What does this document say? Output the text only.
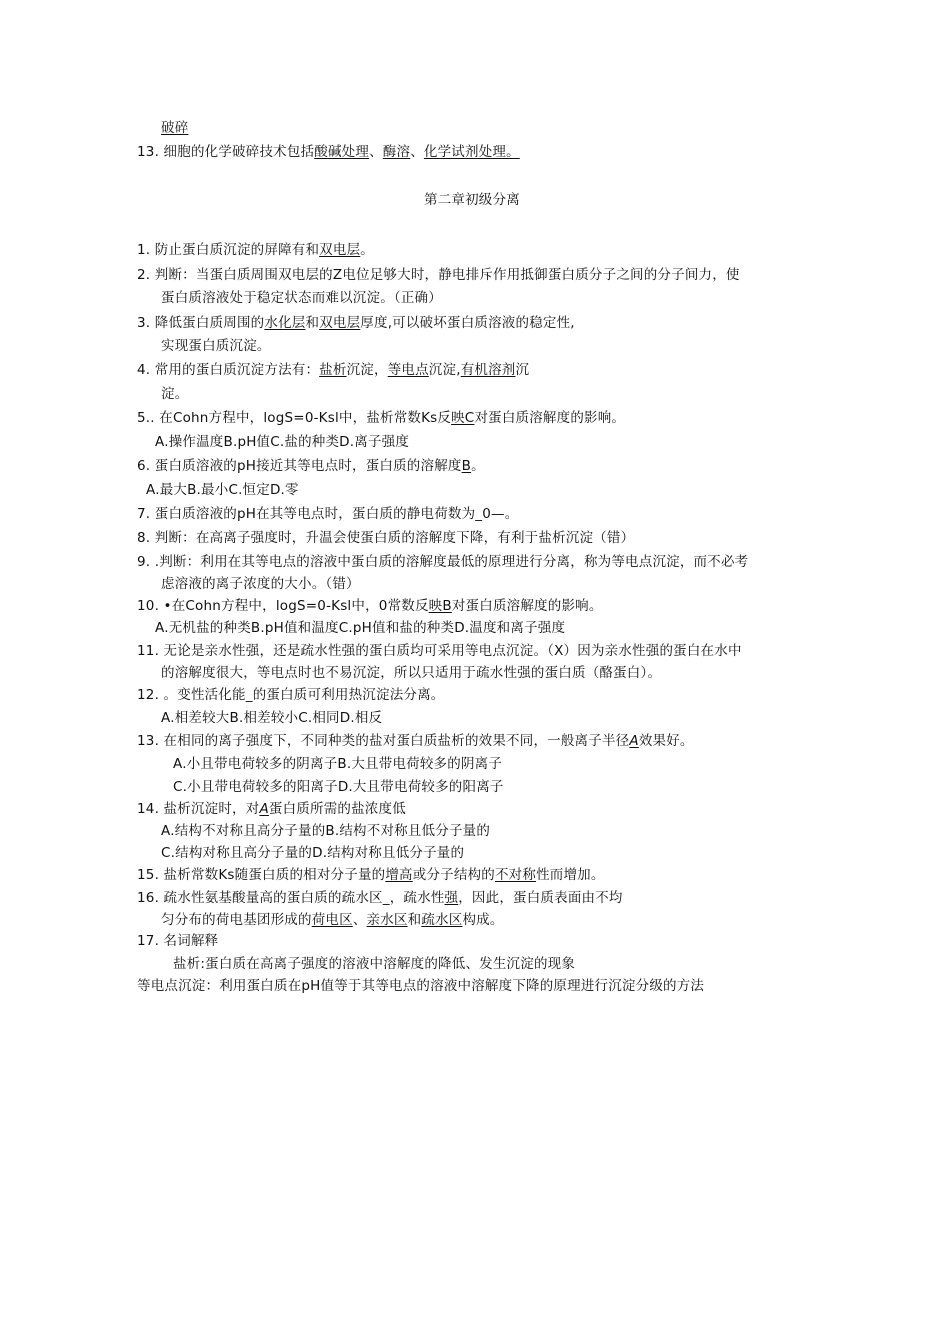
破碎
13. 细胞的化学破碎技术包括酸碱处理、酶溶、化学试剂处理。
第二章初级分离
1. 防止蛋白质沉淀的屏障有和双电层。
2. 判断：当蛋白质周围双电层的Z电位足够大时，静电排斥作用抵御蛋白质分子之间的分子间力，使
蛋白质溶液处于稳定状态而难以沉淀。（正确）
3. 降低蛋白质周围的水化层和双电层厚度,可以破坏蛋白质溶液的稳定性,
实现蛋白质沉淀。
4. 常用的蛋白质沉淀方法有：盐析沉淀，等电点沉淀,有机溶剂沉
淀。
5.. 在Cohn方程中，logS=0-Ksl中，盐析常数Ks反映C对蛋白质溶解度的影响。
A.操作温度B.pH值C.盐的种类D.离子强度
6. 蛋白质溶液的pH接近其等电点时，蛋白质的溶解度B。
A.最大B.最小C.恒定D.零
7. 蛋白质溶液的pH在其等电点时，蛋白质的静电荷数为_0—。
8. 判断：在高离子强度时，升温会使蛋白质的溶解度下降，有利于盐析沉淀（错）
9. .判断：利用在其等电点的溶液中蛋白质的溶解度最低的原理进行分离，称为等电点沉淀，而不必考
虑溶液的离子浓度的大小。（错）
10. •在Cohn方程中，logS=0-Ksl中，0常数反映B对蛋白质溶解度的影响。
A.无机盐的种类B.pH值和温度C.pH值和盐的种类D.温度和离子强度
11. 无论是亲水性强，还是疏水性强的蛋白质均可采用等电点沉淀。（X）因为亲水性强的蛋白在水中
的溶解度很大，等电点时也不易沉淀，所以只适用于疏水性强的蛋白质（酪蛋白）。
12. 。变性活化能_的蛋白质可利用热沉淀法分离。
A.相差较大B.相差较小C.相同D.相反
13. 在相同的离子强度下，不同种类的盐对蛋白质盐析的效果不同，一般离子半径A效果好。
A.小且带电荷较多的阴离子B.大且带电荷较多的阴离子
C.小且带电荷较多的阳离子D.大且带电荷较多的阳离子
14. 盐析沉淀时，对A蛋白质所需的盐浓度低
A.结构不对称且高分子量的B.结构不对称且低分子量的
C.结构对称且高分子量的D.结构对称且低分子量的
15. 盐析常数Ks随蛋白质的相对分子量的增高或分子结构的不对称性而增加。
16. 疏水性氨基酸量高的蛋白质的疏水区_，疏水性强，因此，蛋白质表面由不均
匀分布的荷电基团形成的荷电区、亲水区和疏水区构成。
17. 名词解释
盐析:蛋白质在高离子强度的溶液中溶解度的降低、发生沉淀的现象
等电点沉淀：利用蛋白质在pH值等于其等电点的溶液中溶解度下降的原理进行沉淀分级的方法
